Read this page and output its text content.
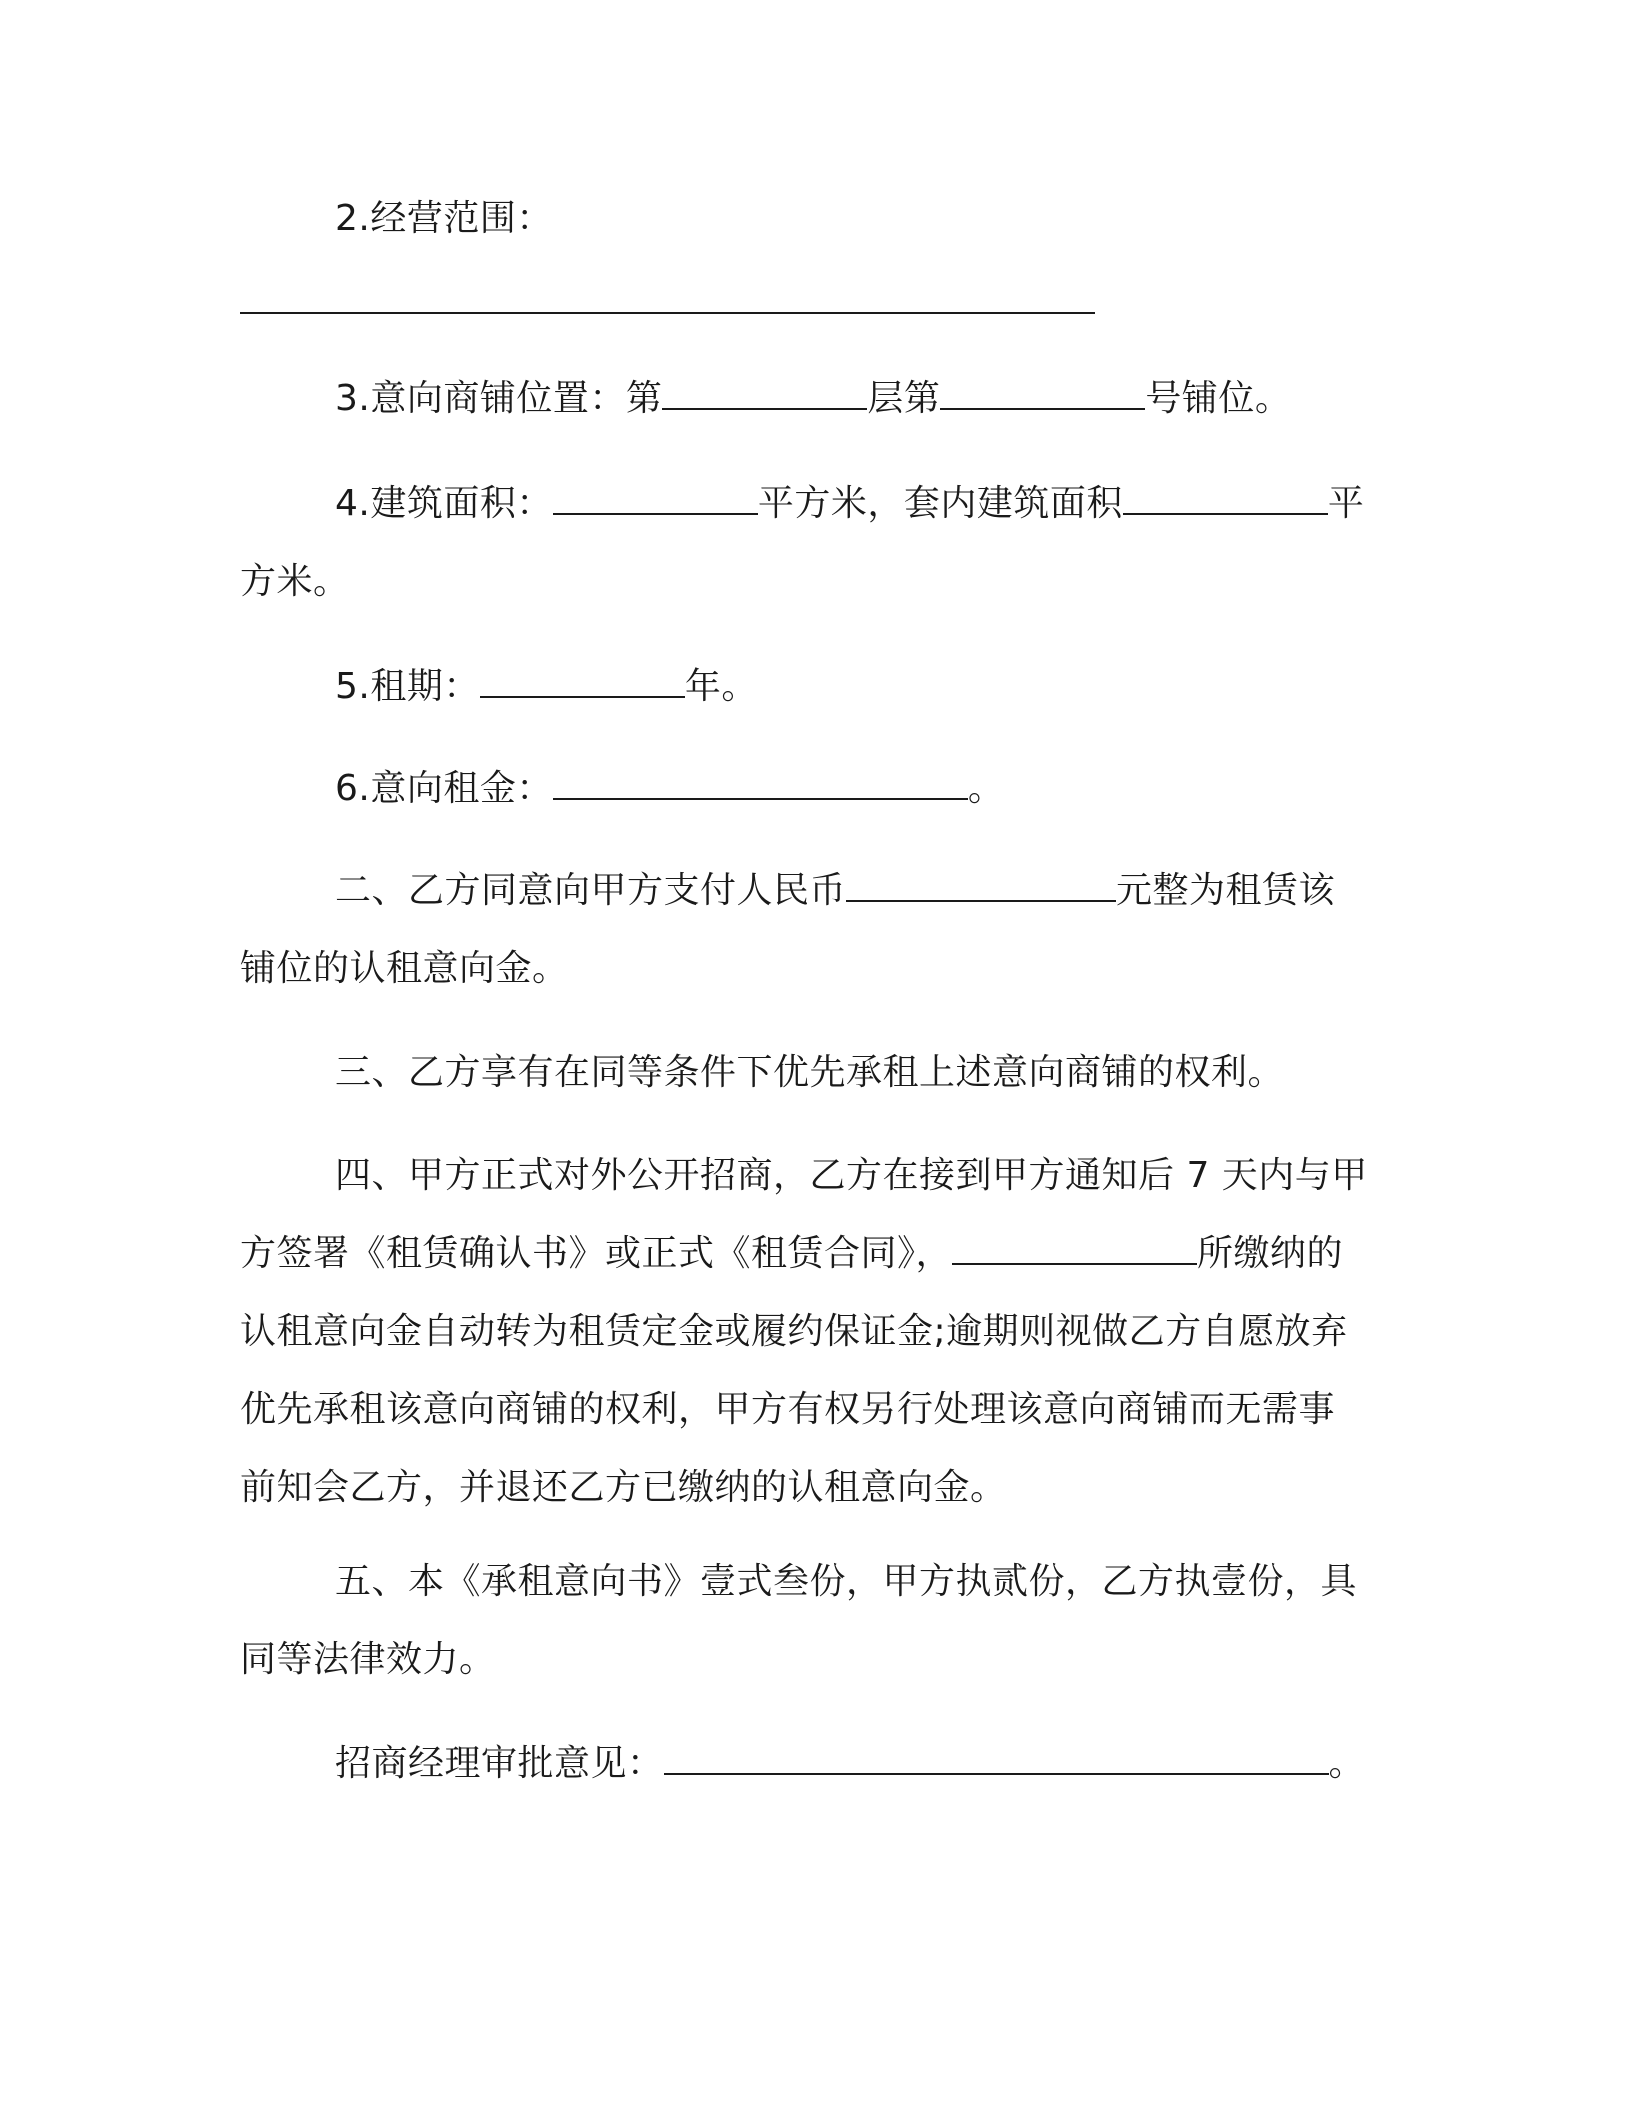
2.经营范围：
3.意向商铺位置：第	层第	号铺位。
4.建筑面积：	平方米，套内建筑面积	平
方米。
5.租期：	年。
6.意向租金：	。
二、乙方同意向甲方支付人民币	元整为租赁该
铺位的认租意向金。
三、乙方享有在同等条件下优先承租上述意向商铺的权利。
四、甲方正式对外公开招商，乙方在接到甲方通知后 7 天内与甲
方签署《租赁确认书》或正式《租赁合同》，	所缴纳的
认租意向金自动转为租赁定金或履约保证金;逾期则视做乙方自愿放弃
优先承租该意向商铺的权利，甲方有权另行处理该意向商铺而无需事
前知会乙方，并退还乙方已缴纳的认租意向金。
五、本《承租意向书》壹式叁份，甲方执贰份，乙方执壹份，具
同等法律效力。
招商经理审批意见：	。
